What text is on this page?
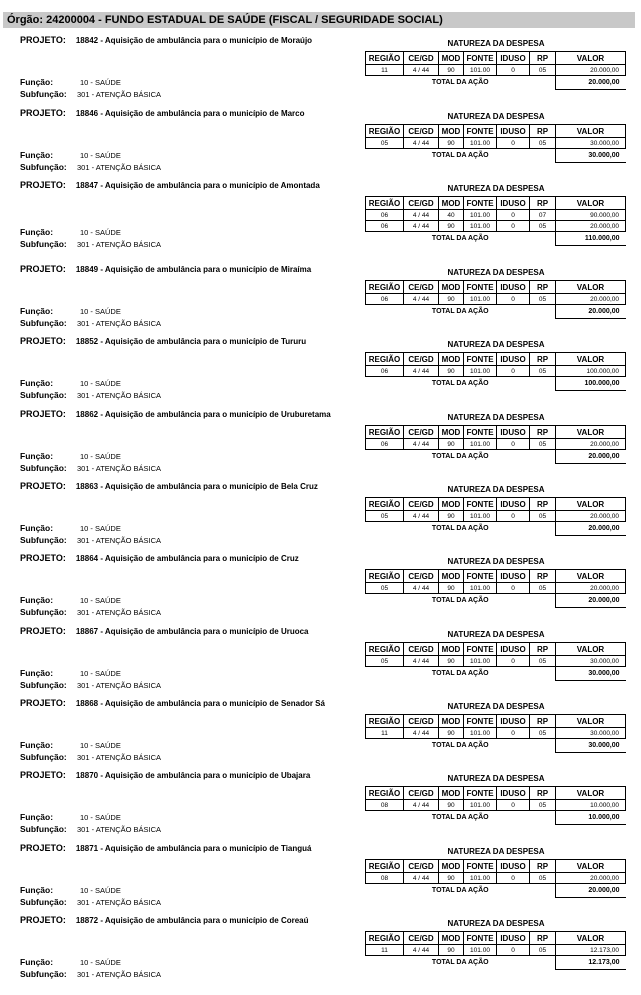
Órgão: 24200004 - FUNDO ESTADUAL DE SAÚDE (FISCAL / SEGURIDADE SOCIAL)
PROJETO: 18842 - Aquisição de ambulância para o município de Moraújo
Função:	10 - SAÚDE
Subfunção: 301 - ATENÇÃO BÁSICA
NATUREZA DA DESPESA
REGIÃO	CE/GD	MOD	FONTE	IDUSO	RP	VALOR
11	4 / 44	90	101.00	0	05	20.000,00
TOTAL DA AÇÃO						20.000,00
PROJETO: 18846 - Aquisição de ambulância para o município de Marco
Função:	10 - SAÚDE
Subfunção: 301 - ATENÇÃO BÁSICA
NATUREZA DA DESPESA
REGIÃO	CE/GD	MOD	FONTE	IDUSO	RP	VALOR
05	4 / 44	90	101.00	0	05	30.000,00
TOTAL DA AÇÃO						30.000,00
PROJETO: 18847 - Aquisição de ambulância para o município de Amontada
Função:	10 - SAÚDE
Subfunção: 301 - ATENÇÃO BÁSICA
NATUREZA DA DESPESA
REGIÃO	CE/GD	MOD	FONTE	IDUSO	RP	VALOR
06	4 / 44	40	101.00	0	07	90.000,00
06	4 / 44	90	101.00	0	05	20.000,00
TOTAL DA AÇÃO						110.000,00
PROJETO: 18849 - Aquisição de ambulância para o município de Miraíma
Função:	10 - SAÚDE
Subfunção: 301 - ATENÇÃO BÁSICA
NATUREZA DA DESPESA
REGIÃO	CE/GD	MOD	FONTE	IDUSO	RP	VALOR
06	4 / 44	90	101.00	0	05	20.000,00
TOTAL DA AÇÃO						20.000,00
PROJETO: 18852 - Aquisição de ambulância para o município de Tururu
Função:	10 - SAÚDE
Subfunção: 301 - ATENÇÃO BÁSICA
NATUREZA DA DESPESA
REGIÃO	CE/GD	MOD	FONTE	IDUSO	RP	VALOR
06	4 / 44	90	101.00	0	05	100.000,00
TOTAL DA AÇÃO						100.000,00
PROJETO: 18862 - Aquisição de ambulância para o município de Uruburetama
Função:	10 - SAÚDE
Subfunção: 301 - ATENÇÃO BÁSICA
NATUREZA DA DESPESA
REGIÃO	CE/GD	MOD	FONTE	IDUSO	RP	VALOR
06	4 / 44	90	101.00	0	05	20.000,00
TOTAL DA AÇÃO						20.000,00
PROJETO: 18863 - Aquisição de ambulância para o município de Bela Cruz
Função:	10 - SAÚDE
Subfunção: 301 - ATENÇÃO BÁSICA
NATUREZA DA DESPESA
REGIÃO	CE/GD	MOD	FONTE	IDUSO	RP	VALOR
05	4 / 44	90	101.00	0	05	20.000,00
TOTAL DA AÇÃO						20.000,00
PROJETO: 18864 - Aquisição de ambulância para o município de Cruz
Função:	10 - SAÚDE
Subfunção: 301 - ATENÇÃO BÁSICA
NATUREZA DA DESPESA
REGIÃO	CE/GD	MOD	FONTE	IDUSO	RP	VALOR
05	4 / 44	90	101.00	0	05	20.000,00
TOTAL DA AÇÃO						20.000,00
PROJETO: 18867 - Aquisição de ambulância para o município de Uruoca
Função:	10 - SAÚDE
Subfunção: 301 - ATENÇÃO BÁSICA
NATUREZA DA DESPESA
REGIÃO	CE/GD	MOD	FONTE	IDUSO	RP	VALOR
05	4 / 44	90	101.00	0	05	30.000,00
TOTAL DA AÇÃO						30.000,00
PROJETO: 18868 - Aquisição de ambulância para o município de Senador Sá
Função:	10 - SAÚDE
Subfunção: 301 - ATENÇÃO BÁSICA
NATUREZA DA DESPESA
REGIÃO	CE/GD	MOD	FONTE	IDUSO	RP	VALOR
11	4 / 44	90	101.00	0	05	30.000,00
TOTAL DA AÇÃO						30.000,00
PROJETO: 18870 - Aquisição de ambulância para o município de Ubajara
Função:	10 - SAÚDE
Subfunção: 301 - ATENÇÃO BÁSICA
NATUREZA DA DESPESA
REGIÃO	CE/GD	MOD	FONTE	IDUSO	RP	VALOR
08	4 / 44	90	101.00	0	05	10.000,00
TOTAL DA AÇÃO						10.000,00
PROJETO: 18871 - Aquisição de ambulância para o município de Tianguá
Função:	10 - SAÚDE
Subfunção: 301 - ATENÇÃO BÁSICA
NATUREZA DA DESPESA
REGIÃO	CE/GD	MOD	FONTE	IDUSO	RP	VALOR
08	4 / 44	90	101.00	0	05	20.000,00
TOTAL DA AÇÃO						20.000,00
PROJETO: 18872 - Aquisição de ambulância para o município de Coreaú
Função:	10 - SAÚDE
Subfunção: 301 - ATENÇÃO BÁSICA
NATUREZA DA DESPESA
REGIÃO	CE/GD	MOD	FONTE	IDUSO	RP	VALOR
11	4 / 44	90	101.00	0	05	12.173,00
TOTAL DA AÇÃO						12.173,00
